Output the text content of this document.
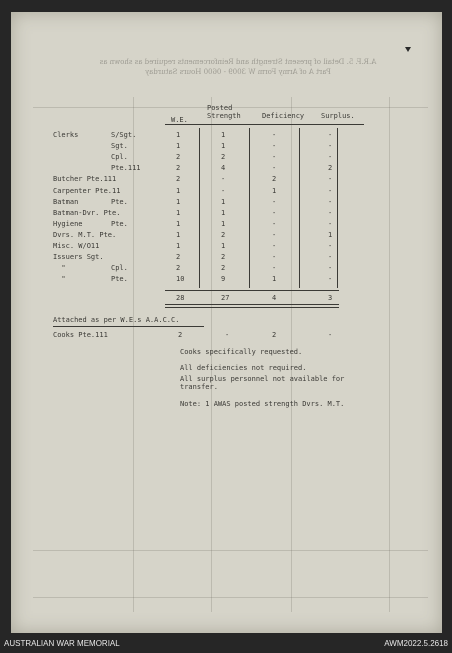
A.R.F. 5. Detail of present Strength and Reinforcements required as shown as
Part A of Army Form W 3009 - 0600 Hours Saturday
W.E.
Posted
Strength	Deficiency Surplus.
Clerks	S/Sgt.	1	1	-	-
Sgt.	1	1	-	-
Cpl.	2	2	-	-
Pte.111	2	4	-	2
Butcher Pte.111	2	-	2	-
Carpenter Pte.11	1	-	1	-
Batman	Pte.	1	1	-	-
Batman-Dvr. Pte.	1	1	-	-
Hygiene	Pte.	1	1	-	-
Dvrs. M.T. Pte.	1	2	-	1
Misc. W/O11	1	1	-	-
Issuers Sgt.	2	2	-	-
"	Cpl.	2	2	-	-
"	Pte.	10	9	1	-
28	27	4	3
Attached as per W.E.s A.A.C.C.
Cooks Pte.111	2	-	2	-
Cooks specifically requested.
All deficiencies not required.
All surplus personnel not available for transfer.
Note: 1 AWAS posted strength Dvrs. M.T.
AUSTRALIAN WAR MEMORIAL	AWM2022.5.2618
